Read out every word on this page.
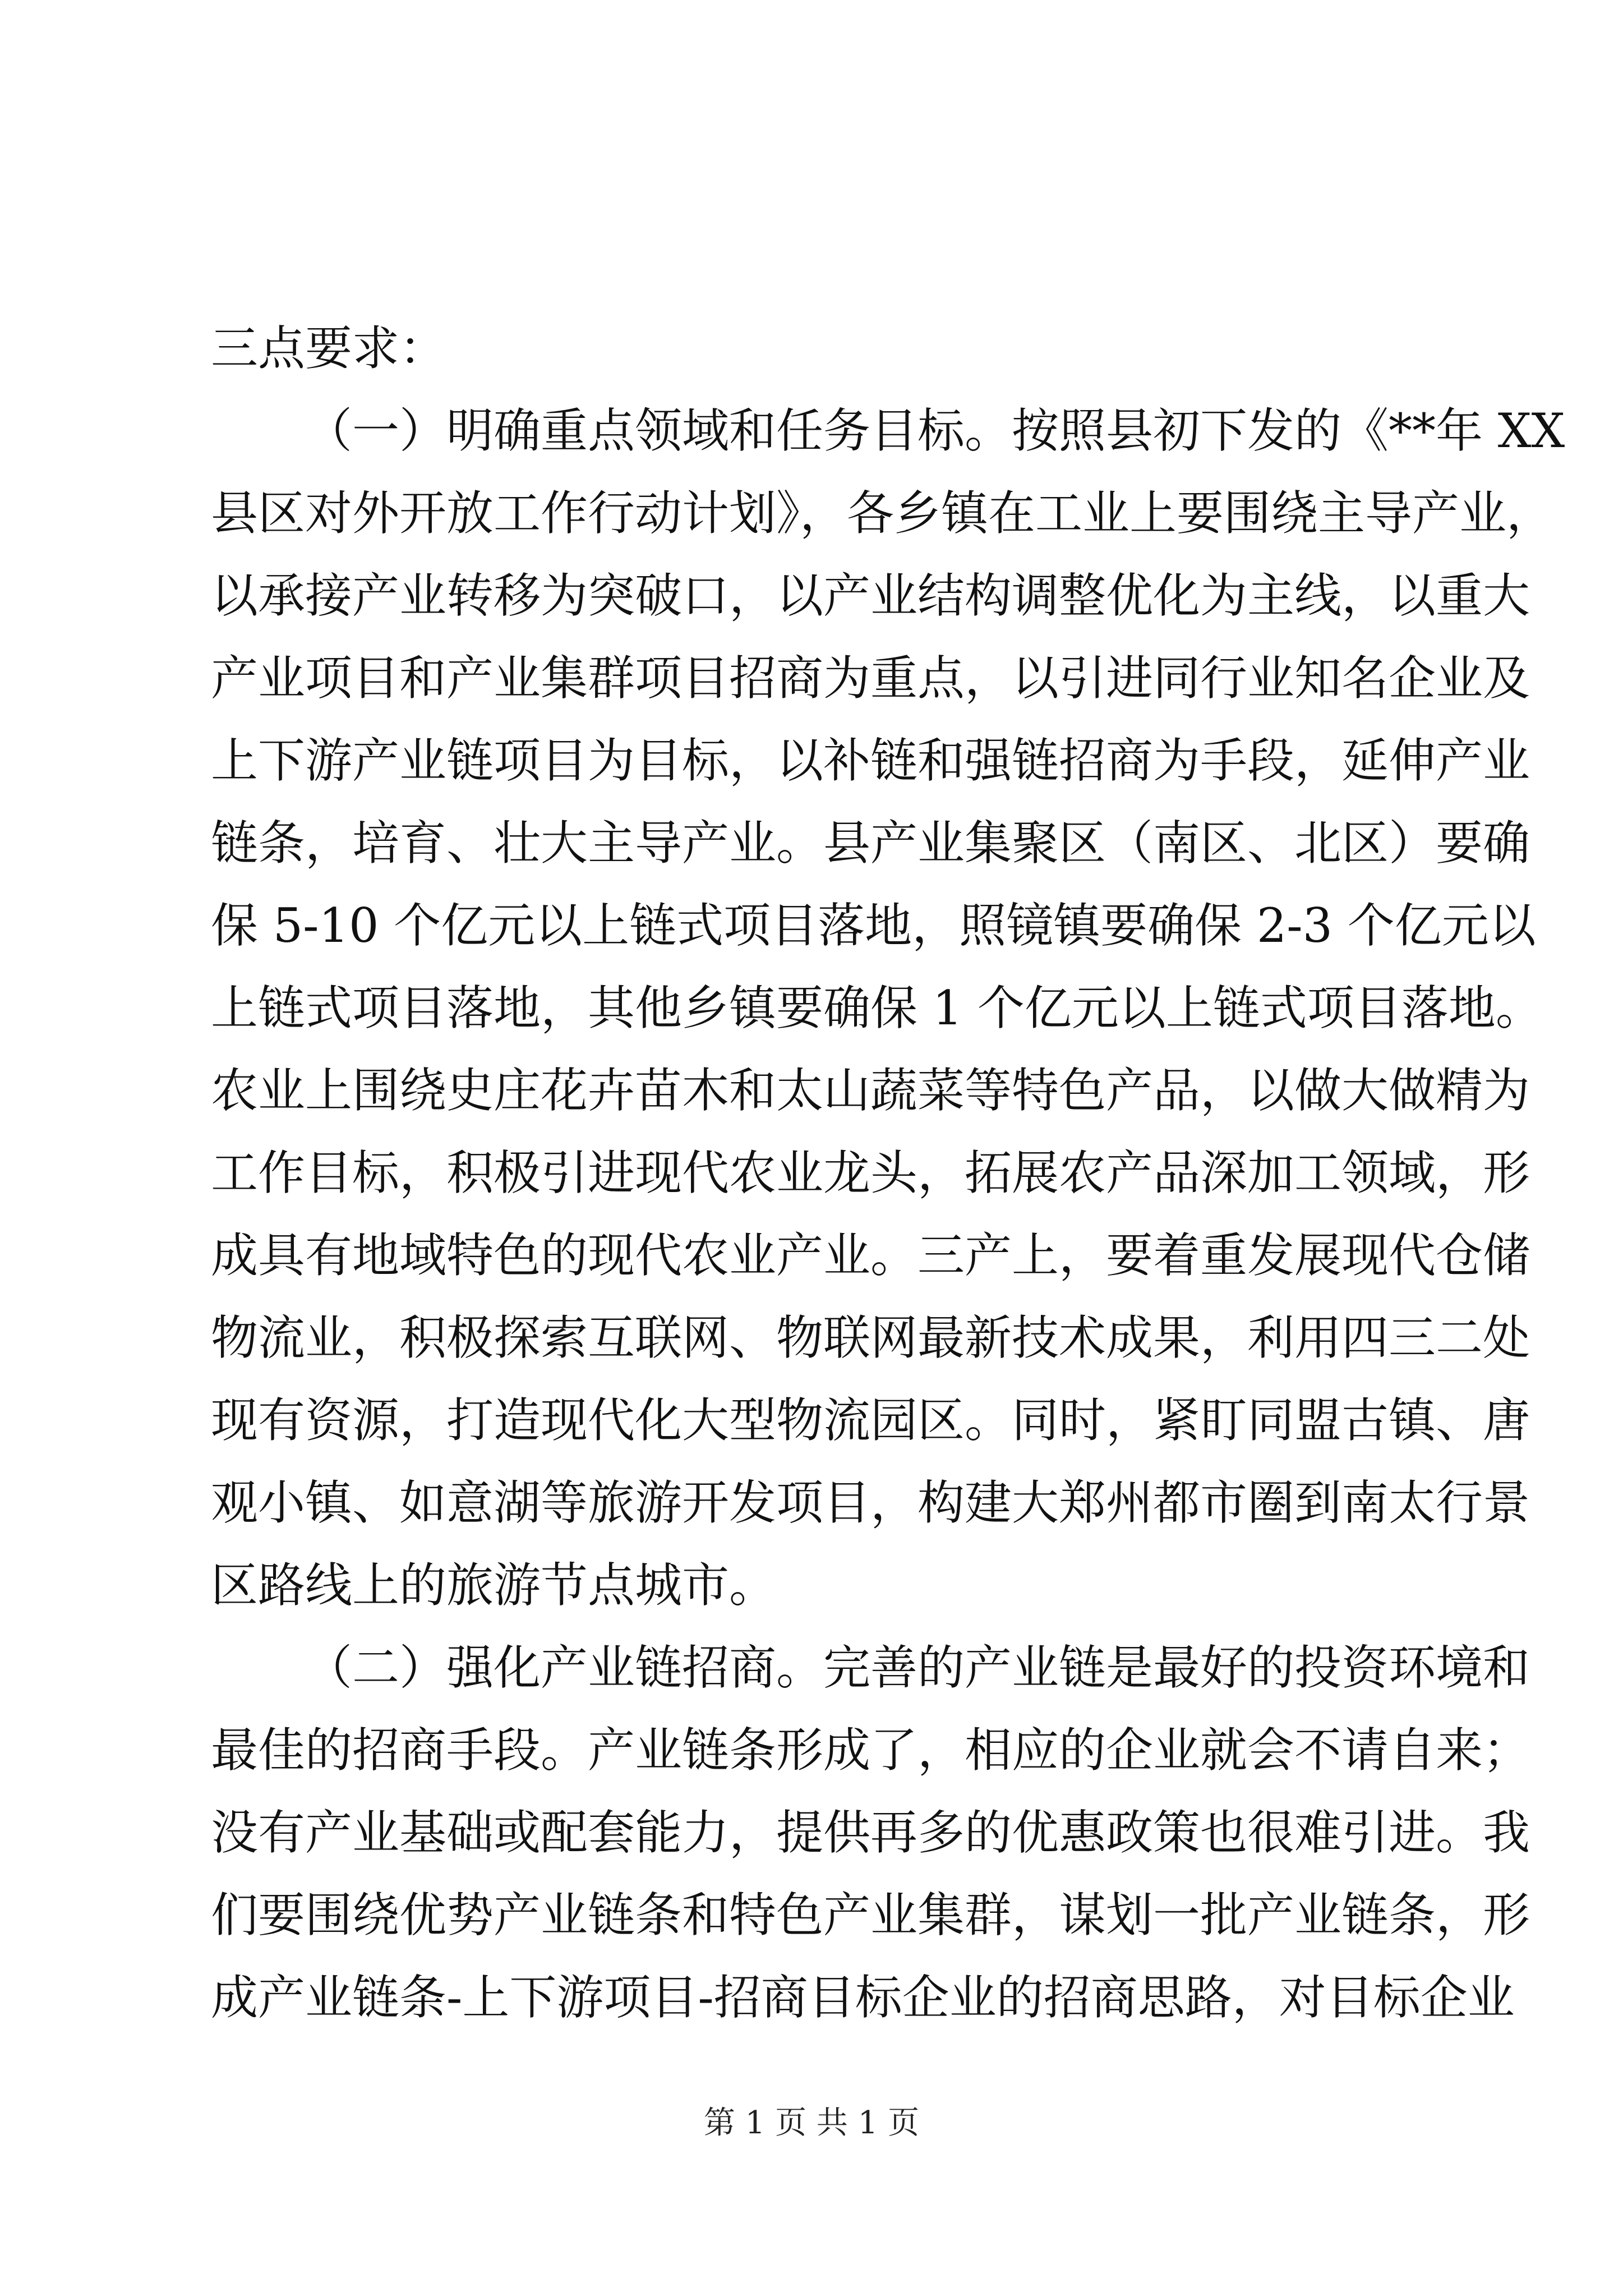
三点要求：
（一）明确重点领域和任务目标。按照县初下发的《**年 XX
县区对外开放工作行动计划》，各乡镇在工业上要围绕主导产业，
以承接产业转移为突破口，以产业结构调整优化为主线，以重大
产业项目和产业集群项目招商为重点，以引进同行业知名企业及
上下游产业链项目为目标，以补链和强链招商为手段，延伸产业
链条，培育、壮大主导产业。县产业集聚区（南区、北区）要确
保 5-10 个亿元以上链式项目落地，照镜镇要确保 2-3 个亿元以
上链式项目落地，其他乡镇要确保 1 个亿元以上链式项目落地。
农业上围绕史庄花卉苗木和太山蔬菜等特色产品，以做大做精为
工作目标，积极引进现代农业龙头，拓展农产品深加工领域，形
成具有地域特色的现代农业产业。三产上，要着重发展现代仓储
物流业，积极探索互联网、物联网最新技术成果，利用四三二处
现有资源，打造现代化大型物流园区。同时，紧盯同盟古镇、唐
观小镇、如意湖等旅游开发项目，构建大郑州都市圈到南太行景
区路线上的旅游节点城市。
（二）强化产业链招商。完善的产业链是最好的投资环境和
最佳的招商手段。产业链条形成了，相应的企业就会不请自来；
没有产业基础或配套能力，提供再多的优惠政策也很难引进。我
们要围绕优势产业链条和特色产业集群，谋划一批产业链条，形
成产业链条-上下游项目-招商目标企业的招商思路，对目标企业
第 1 页 共 1 页
